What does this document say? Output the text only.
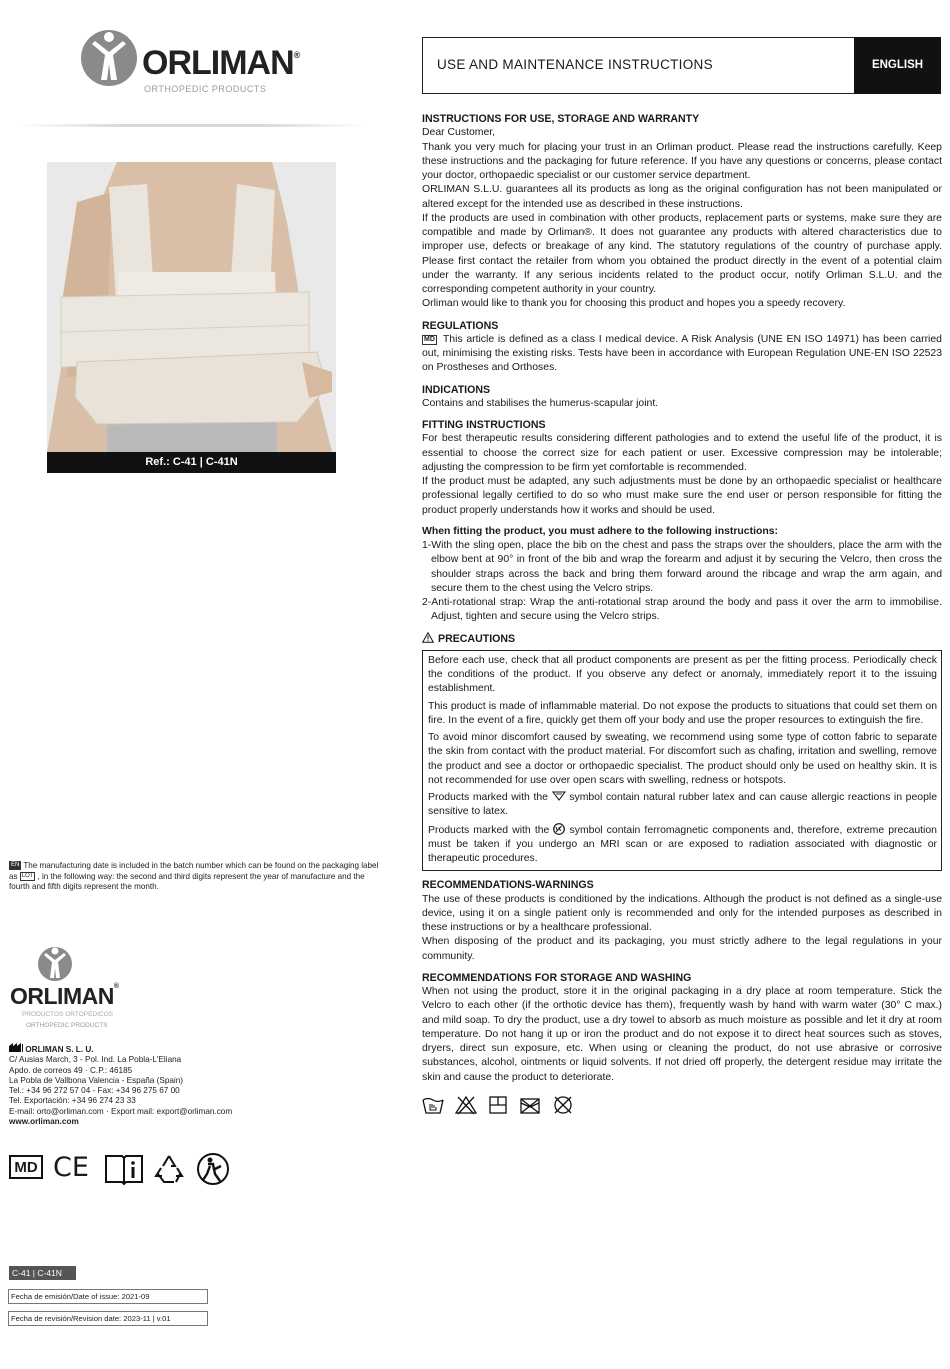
ORLIMAN®
ORTHOPEDIC PRODUCTS
Ref.: C-41 | C-41N
EN The manufacturing date is included in the batch number which can be found on the packaging label as LOT , in the following way: the second and third digits represent the year of manufacture and the fourth and fifth digits represent the month.
ORLIMAN®
PRODUCTOS ORTOPÉDICOS
ORTHOPEDIC PRODUCTS
ORLIMAN S. L. U.
C/ Ausias March, 3 - Pol. Ind. La Pobla-L'Eliana
Apdo. de correos 49 · C.P.: 46185
La Pobla de Vallbona Valencia - España (Spain)
Tel.: +34 96 272 57 04 - Fax: +34 96 275 67 00
Tel. Exportación: +34 96 274 23 33
E-mail: orto@orliman.com · Export mail: export@orliman.com
www.orliman.com
MD CE
C-41 | C-41N
Fecha de emisión/Date of issue: 2021-09
Fecha de revisión/Revision date: 2023-11 | v.01
USE AND MAINTENANCE INSTRUCTIONS	ENGLISH
INSTRUCTIONS FOR USE, STORAGE AND WARRANTY

Dear Customer,

Thank you very much for placing your trust in an Orliman product. Please read the instructions carefully. Keep these instructions and the packaging for future reference. If you have any questions or concerns, please contact your doctor, orthopaedic specialist or our customer service department.

ORLIMAN S.L.U. guarantees all its products as long as the original configuration has not been manipulated or altered except for the intended use as described in these instructions.

If the products are used in combination with other products, replacement parts or systems, make sure they are compatible and made by Orliman®. It does not guarantee any products with altered characteristics due to improper use, defects or breakage of any kind. The statutory regulations of the country of purchase apply. Please first contact the retailer from whom you obtained the product directly in the event of a potential claim under the warranty. If any serious incidents related to the product occur, notify Orliman S.L.U. and the corresponding competent authority in your country.

Orliman would like to thank you for choosing this product and hopes you a speedy recovery.

REGULATIONS

MD This article is defined as a class I medical device. A Risk Analysis (UNE EN ISO 14971) has been carried out, minimising the existing risks. Tests have been in accordance with European Regulation UNE-EN ISO 22523 on Prostheses and Orthoses.

INDICATIONS

Contains and stabilises the humerus-scapular joint.

FITTING INSTRUCTIONS

For best therapeutic results considering different pathologies and to extend the useful life of the product, it is essential to choose the correct size for each patient or user. Excessive compression may be intolerable; adjusting the compression to be firm yet comfortable is recommended.

If the product must be adapted, any such adjustments must be done by an orthopaedic specialist or healthcare professional legally certified to do so who must make sure the end user or person responsible for fitting the product properly understands how it works and should be used.

When fitting the product, you must adhere to the following instructions:

1-With the sling open, place the bib on the chest and pass the straps over the shoulders, place the arm with the elbow bent at 90° in front of the bib and wrap the forearm and adjust it by securing the Velcro, then cross the shoulder straps across the back and bring them forward around the ribcage and wrap the arm again, and secure them to the chest using the Velcro strips.

2-Anti-rotational strap: Wrap the anti-rotational strap around the body and pass it over the arm to immobilise. Adjust, tighten and secure using the Velcro strips.

PRECAUTIONS

Before each use, check that all product components are present as per the fitting process. Periodically check the conditions of the product. If you observe any defect or anomaly, immediately report it to the issuing establishment.

This product is made of inflammable material. Do not expose the products to situations that could set them on fire. In the event of a fire, quickly get them off your body and use the proper resources to extinguish the fire.

To avoid minor discomfort caused by sweating, we recommend using some type of cotton fabric to separate the skin from contact with the product material. For discomfort such as chafing, irritation and swelling, remove the product and see a doctor or orthopaedic specialist. The product should only be used on healthy skin. It is not recommended for use over open scars with swelling, redness or hotspots.

Products marked with the symbol contain natural rubber latex and can cause allergic reactions in people sensitive to latex.

Products marked with the symbol contain ferromagnetic components and, therefore, extreme precaution must be taken if you undergo an MRI scan or are exposed to radiation associated with diagnostic or therapeutic procedures.

RECOMMENDATIONS-WARNINGS

The use of these products is conditioned by the indications. Although the product is not defined as a single-use device, using it on a single patient only is recommended and only for the intended purposes as described in these instructions or by a healthcare professional.

When disposing of the product and its packaging, you must strictly adhere to the legal regulations in your community.

RECOMMENDATIONS FOR STORAGE AND WASHING

When not using the product, store it in the original packaging in a dry place at room temperature. Stick the Velcro to each other (if the orthotic device has them), frequently wash by hand with warm water (30° C max.) and mild soap. To dry the product, use a dry towel to absorb as much moisture as possible and let it dry at room temperature. Do not hang it up or iron the product and do not expose it to direct heat sources such as stoves, dryers, direct sun exposure, etc. When using or cleaning the product, do not use abrasive or corrosive substances, alcohol, ointments or liquid solvents. If not dried off properly, the detergent residue may irritate the skin and cause the product to deteriorate.
